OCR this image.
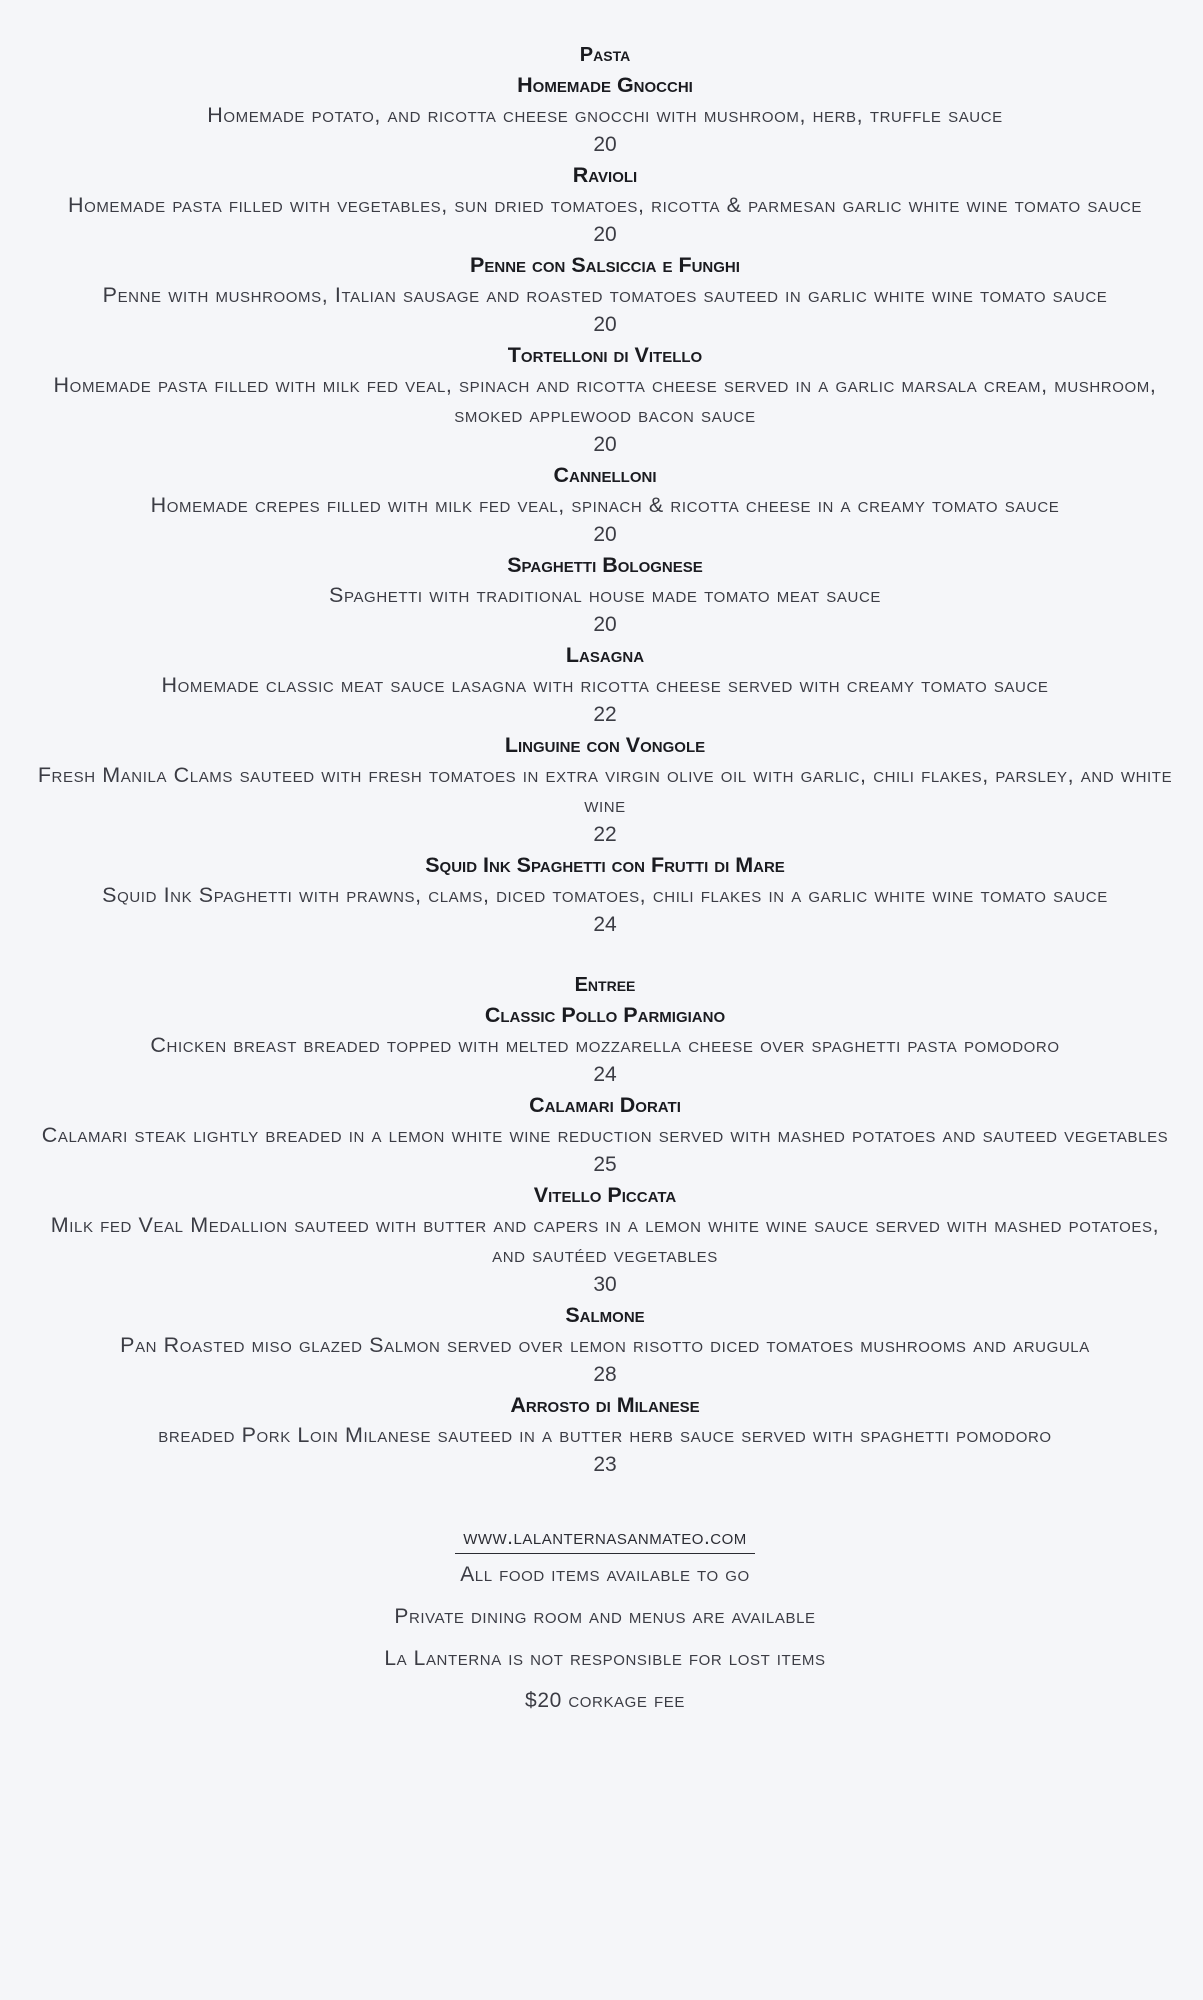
Pasta
Homemade Gnocchi
Homemade potato, and ricotta cheese gnocchi with mushroom, herb, truffle sauce
20
Ravioli
Homemade pasta filled with vegetables, sun dried tomatoes, ricotta & parmesan garlic white wine tomato sauce
20
Penne con Salsiccia e Funghi
Penne with mushrooms, Italian sausage and roasted tomatoes sauteed in garlic white wine tomato sauce
20
Tortelloni di Vitello
Homemade pasta filled with milk fed veal, spinach and ricotta cheese served in a garlic marsala cream, mushroom, smoked applewood bacon sauce
20
Cannelloni
Homemade crepes filled with milk fed veal, spinach & ricotta cheese in a creamy tomato sauce
20
Spaghetti Bolognese
Spaghetti with traditional house made tomato meat sauce
20
Lasagna
Homemade classic meat sauce lasagna with ricotta cheese served with creamy tomato sauce
22
Linguine con Vongole
Fresh Manila Clams sauteed with fresh tomatoes in extra virgin olive oil with garlic, chili flakes, parsley, and white wine
22
Squid Ink Spaghetti con Frutti di Mare
Squid Ink Spaghetti with prawns, clams, diced tomatoes, chili flakes in a garlic white wine tomato sauce
24
Entree
Classic Pollo Parmigiano
Chicken breast breaded topped with melted mozzarella cheese over spaghetti pasta pomodoro
24
Calamari Dorati
Calamari steak lightly breaded in a lemon white wine reduction served with mashed potatoes and sauteed vegetables
25
Vitello Piccata
Milk fed Veal Medallion sauteed with butter and capers in a lemon white wine sauce served with mashed potatoes, and sautéed vegetables
30
Salmone
Pan Roasted miso glazed Salmon served over lemon risotto diced tomatoes mushrooms and arugula
28
Arrosto di Milanese
breaded Pork Loin Milanese sauteed in a butter herb sauce served with spaghetti pomodoro
23
www.lalanternasanmateo.com
All food items available to go
Private dining room and menus are available
La Lanterna is not responsible for lost items
$20 corkage fee
